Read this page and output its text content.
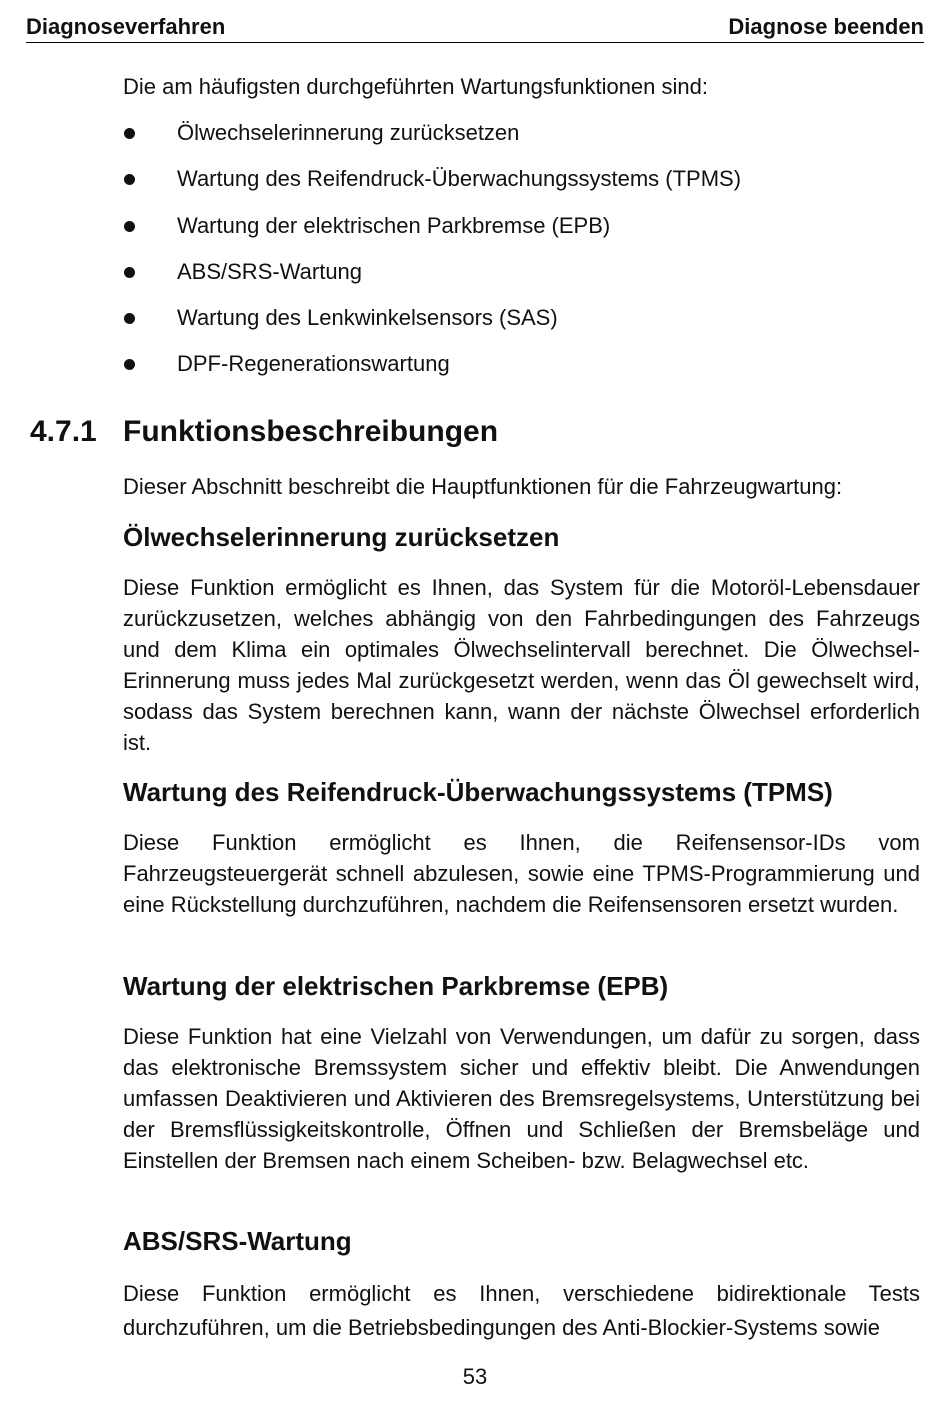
Diagnoseverfahren	Diagnose beenden

Die am häufigsten durchgeführten Wartungsfunktionen sind:

Ölwechselerinnerung zurücksetzen
Wartung des Reifendruck-Überwachungssystems (TPMS)
Wartung der elektrischen Parkbremse (EPB)
ABS/SRS-Wartung
Wartung des Lenkwinkelsensors (SAS)
DPF-Regenerationswartung
4.7.1 Funktionsbeschreibungen

Dieser Abschnitt beschreibt die Hauptfunktionen für die Fahrzeugwartung:

Ölwechselerinnerung zurücksetzen

Diese Funktion ermöglicht es Ihnen, das System für die Motoröl-Lebensdauer zurückzusetzen, welches abhängig von den Fahrbedingungen des Fahrzeugs und dem Klima ein optimales Ölwechselintervall berechnet. Die Ölwechsel-Erinnerung muss jedes Mal zurückgesetzt werden, wenn das Öl gewechselt wird, sodass das System berechnen kann, wann der nächste Ölwechsel erforderlich ist.

Wartung des Reifendruck-Überwachungssystems (TPMS)

Diese Funktion ermöglicht es Ihnen, die Reifensensor-IDs vom Fahrzeugsteuergerät schnell abzulesen, sowie eine TPMS-Programmierung und eine Rückstellung durchzuführen, nachdem die Reifensensoren ersetzt wurden.

Wartung der elektrischen Parkbremse (EPB)

Diese Funktion hat eine Vielzahl von Verwendungen, um dafür zu sorgen, dass das elektronische Bremssystem sicher und effektiv bleibt. Die Anwendungen umfassen Deaktivieren und Aktivieren des Bremsregelsystems, Unterstützung bei der Bremsflüssigkeitskontrolle, Öffnen und Schließen der Bremsbeläge und Einstellen der Bremsen nach einem Scheiben- bzw. Belagwechsel etc.

ABS/SRS-Wartung

Diese Funktion ermöglicht es Ihnen, verschiedene bidirektionale Tests durchzuführen, um die Betriebsbedingungen des Anti-Blockier-Systems sowie

53
